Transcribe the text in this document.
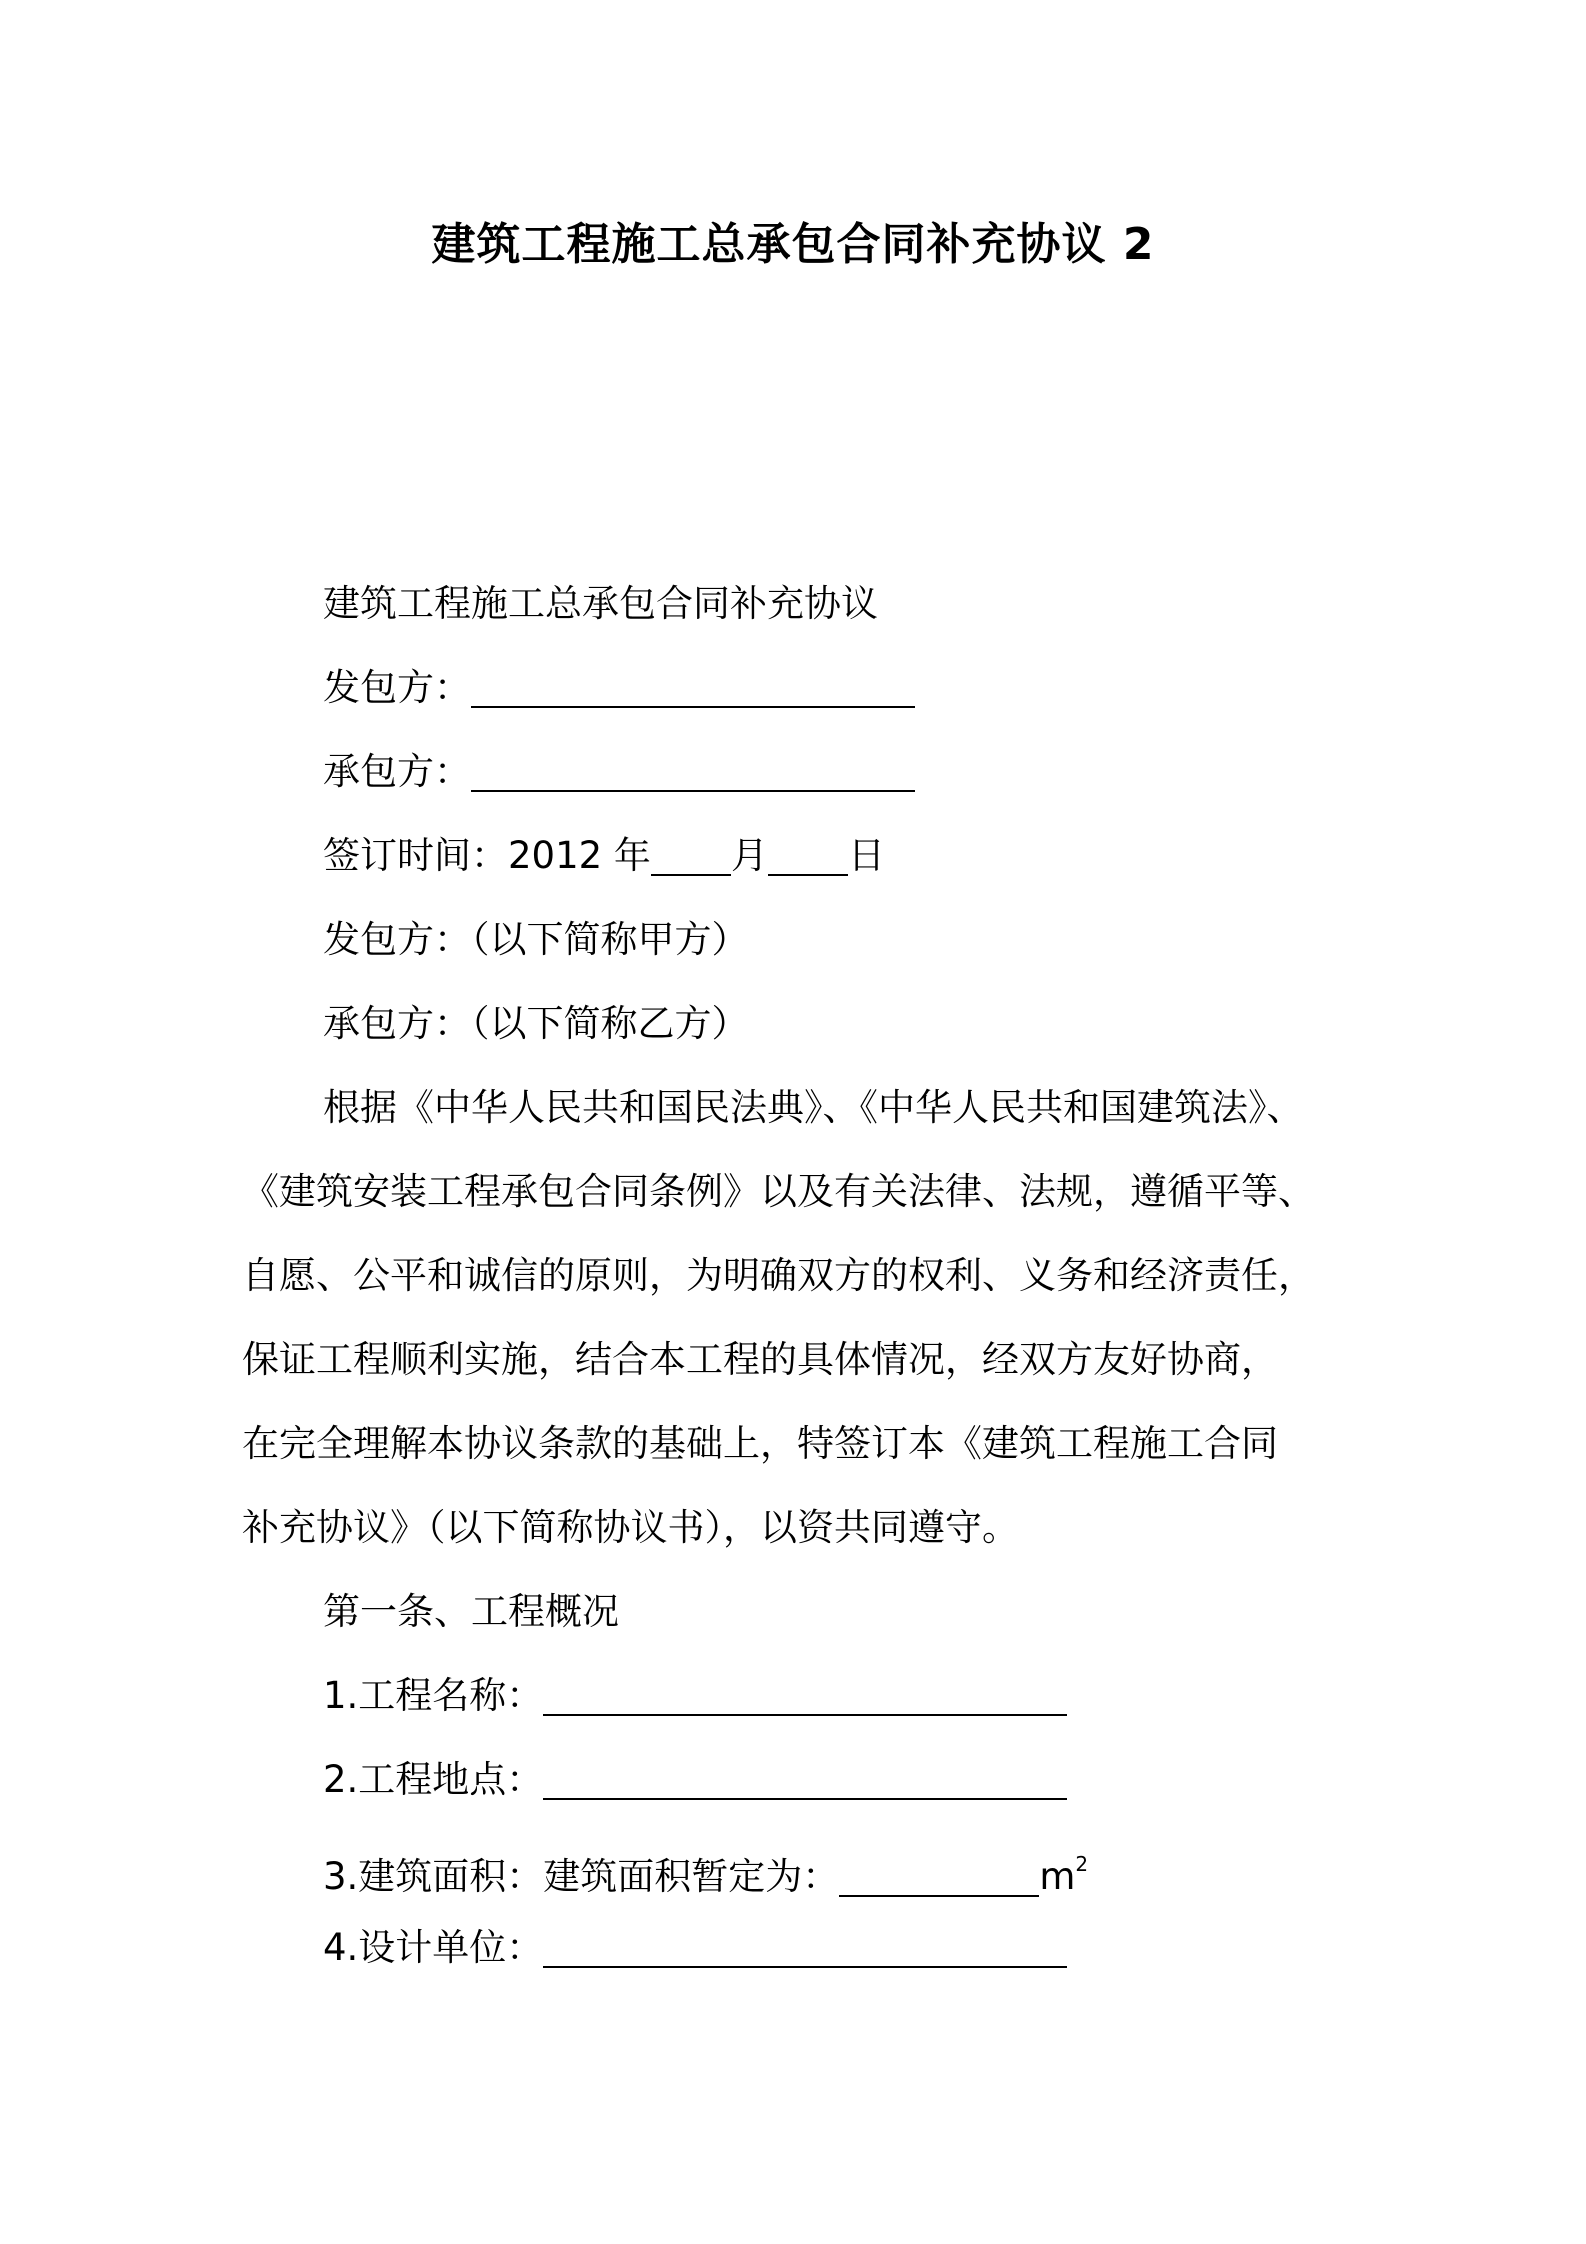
建筑工程施工总承包合同补充协议 2
建筑工程施工总承包合同补充协议
发包方：
承包方：
签订时间：2012 年 月 日
发包方：（以下简称甲方）
承包方：（以下简称乙方）
根据《中华人民共和国民法典》、《中华人民共和国建筑法》、
《建筑安装工程承包合同条例》以及有关法律、法规，遵循平等、
自愿、公平和诚信的原则，为明确双方的权利、义务和经济责任，
保证工程顺利实施，结合本工程的具体情况，经双方友好协商，
在完全理解本协议条款的基础上，特签订本《建筑工程施工合同
补充协议》（以下简称协议书），以资共同遵守。
第一条、工程概况
1.工程名称：
2.工程地点：
3.建筑面积：建筑面积暂定为：	$m^2$
4.设计单位：
